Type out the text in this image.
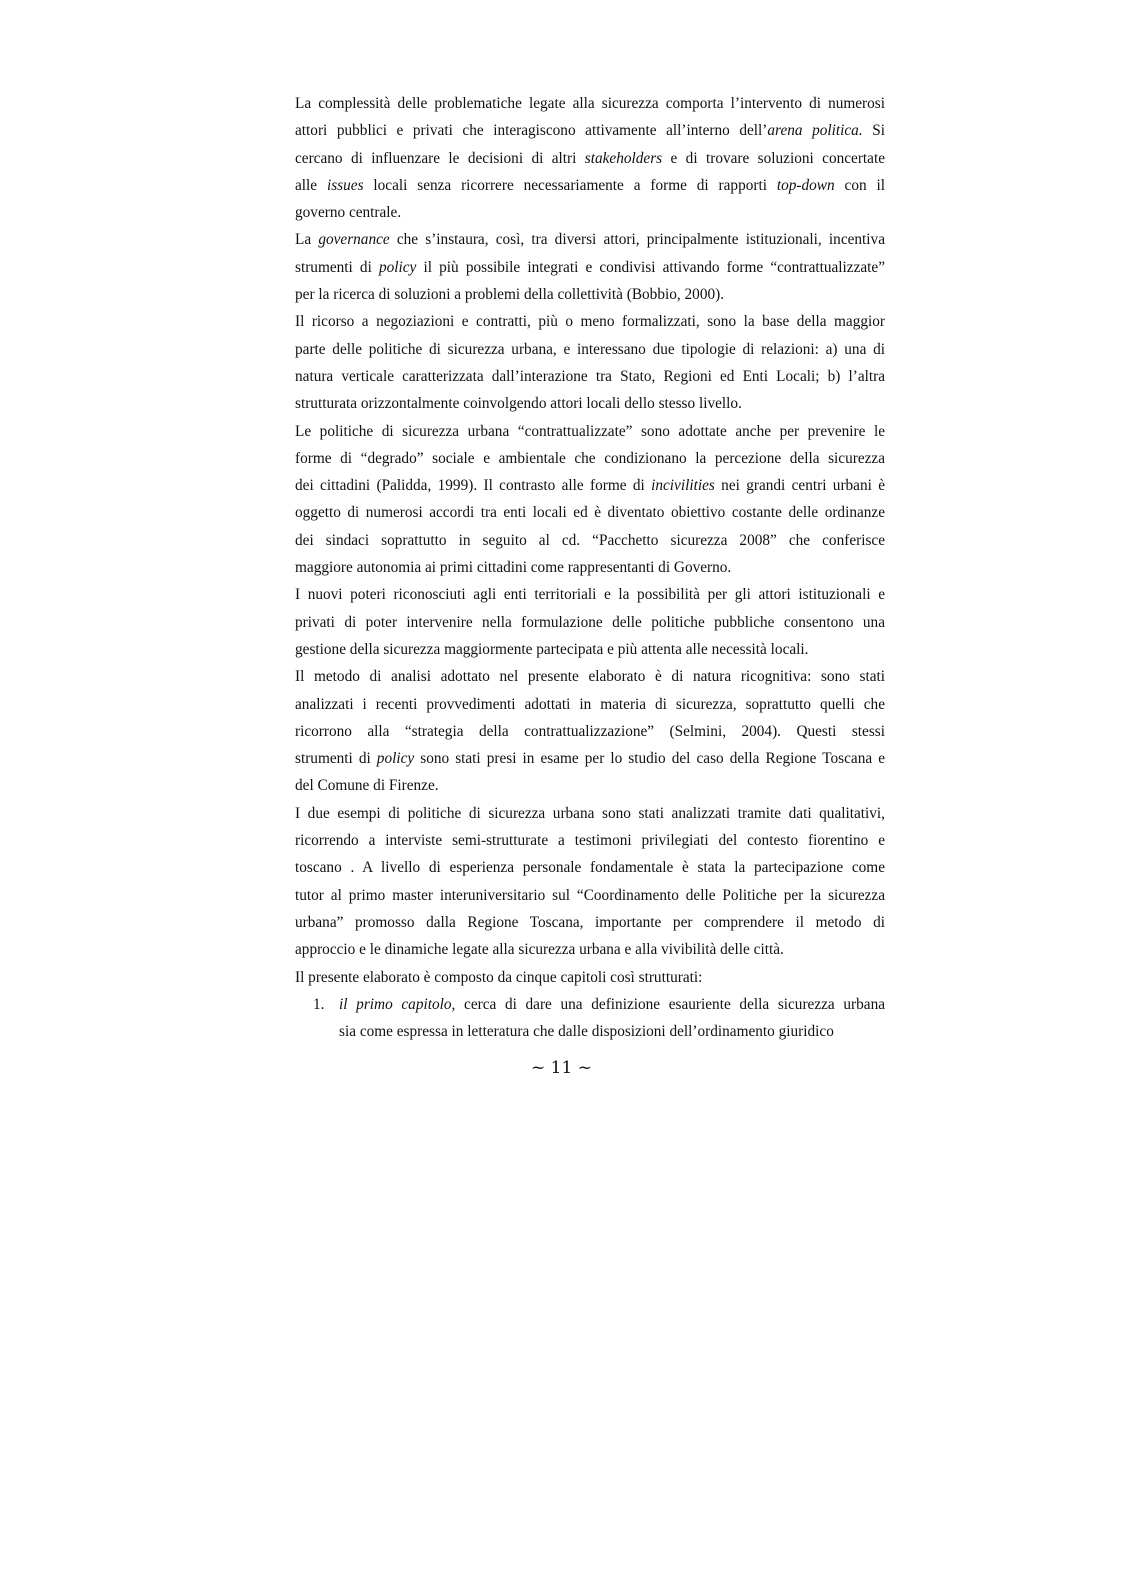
La complessità delle problematiche legate alla sicurezza comporta l’intervento di numerosi
attori pubblici e privati che interagiscono attivamente all’interno dell’arena politica. Si
cercano di influenzare le decisioni di altri stakeholders e di trovare soluzioni concertate
alle issues locali senza ricorrere necessariamente a forme di rapporti top-down con il
governo centrale.
La governance che s’instaura, così, tra diversi attori, principalmente istituzionali, incentiva
strumenti di policy il più possibile integrati e condivisi attivando forme “contrattualizzate”
per la ricerca di soluzioni a problemi della collettività (Bobbio, 2000).
Il ricorso a negoziazioni e contratti, più o meno formalizzati, sono la base della maggior
parte delle politiche di sicurezza urbana, e interessano due tipologie di relazioni: a) una di
natura verticale caratterizzata dall’interazione tra Stato, Regioni ed Enti Locali; b) l’altra
strutturata orizzontalmente coinvolgendo attori locali dello stesso livello.
Le politiche di sicurezza urbana “contrattualizzate” sono adottate anche per prevenire le
forme di “degrado” sociale e ambientale che condizionano la percezione della sicurezza
dei cittadini (Palidda, 1999). Il contrasto alle forme di incivilities nei grandi centri urbani è
oggetto di numerosi accordi tra enti locali ed è diventato obiettivo costante delle ordinanze
dei sindaci soprattutto in seguito al cd. “Pacchetto sicurezza 2008” che conferisce
maggiore autonomia ai primi cittadini come rappresentanti di Governo.
I nuovi poteri riconosciuti agli enti territoriali e la possibilità per gli attori istituzionali e
privati di poter intervenire nella formulazione delle politiche pubbliche consentono una
gestione della sicurezza maggiormente partecipata e più attenta alle necessità locali.
Il metodo di analisi adottato nel presente elaborato è di natura ricognitiva: sono stati
analizzati i recenti provvedimenti adottati in materia di sicurezza, soprattutto quelli che
ricorrono alla “strategia della contrattualizzazione” (Selmini, 2004). Questi stessi
strumenti di policy sono stati presi in esame per lo studio del caso della Regione Toscana e
del Comune di Firenze.
I due esempi di politiche di sicurezza urbana sono stati analizzati tramite dati qualitativi,
ricorrendo a interviste semi-strutturate a testimoni privilegiati del contesto fiorentino e
toscano . A livello di esperienza personale fondamentale è stata la partecipazione come
tutor al primo master interuniversitario sul “Coordinamento delle Politiche per la sicurezza
urbana” promosso dalla Regione Toscana, importante per comprendere il metodo di
approccio e le dinamiche legate alla sicurezza urbana e alla vivibilità delle città.
Il presente elaborato è composto da cinque capitoli così strutturati:
1. il primo capitolo, cerca di dare una definizione esauriente della sicurezza urbana
sia come espressa in letteratura che dalle disposizioni dell’ordinamento giuridico
~ 11 ~
